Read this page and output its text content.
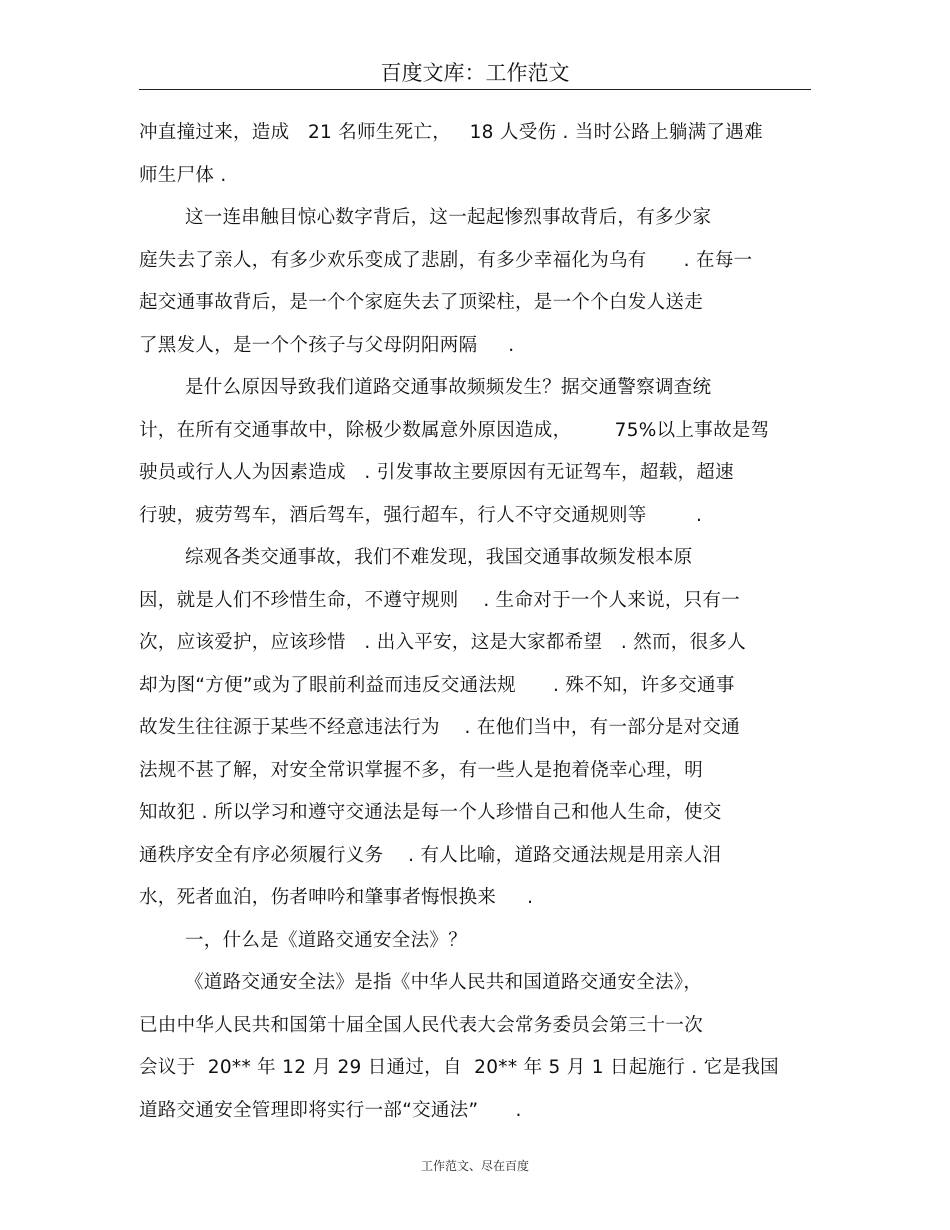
百度文库：工作范文
冲直撞过来，造成   21 名师生死亡，   18 人受伤 . 当时公路上躺满了遇难
师生尸体 .
这一连串触目惊心数字背后，这一起起惨烈事故背后，有多少家
庭失去了亲人，有多少欢乐变成了悲剧，有多少幸福化为乌有      . 在每一
起交通事故背后，是一个个家庭失去了顶梁柱，是一个个白发人送走
了黑发人，是一个个孩子与父母阴阳两隔     .
是什么原因导致我们道路交通事故频频发生？据交通警察调查统
计，在所有交通事故中，除极少数属意外原因造成，       75%以上事故是驾
驶员或行人人为因素造成   . 引发事故主要原因有无证驾车，超载，超速
行驶，疲劳驾车，酒后驾车，强行超车，行人不守交通规则等        .
综观各类交通事故，我们不难发现，我国交通事故频发根本原
因，就是人们不珍惜生命，不遵守规则    . 生命对于一个人来说，只有一
次，应该爱护，应该珍惜   . 出入平安，这是大家都希望   . 然而，很多人
却为图“方便”或为了眼前利益而违反交通法规      . 殊不知，许多交通事
故发生往往源于某些不经意违法行为    . 在他们当中，有一部分是对交通
法规不甚了解，对安全常识掌握不多，有一些人是抱着侥幸心理，明
知故犯 . 所以学习和遵守交通法是每一个人珍惜自己和他人生命，使交
通秩序安全有序必须履行义务    . 有人比喻，道路交通法规是用亲人泪
水，死者血泊，伤者呻吟和肇事者悔恨换来     .
一，什么是《道路交通安全法》？
《道路交通安全法》是指《中华人民共和国道路交通安全法》，
已由中华人民共和国第十届全国人民代表大会常务委员会第三十一次
会议于  20** 年 12 月 29 日通过，自  20** 年 5 月 1 日起施行 . 它是我国
道路交通安全管理即将实行一部“交通法”      .
工作范文、尽在百度
